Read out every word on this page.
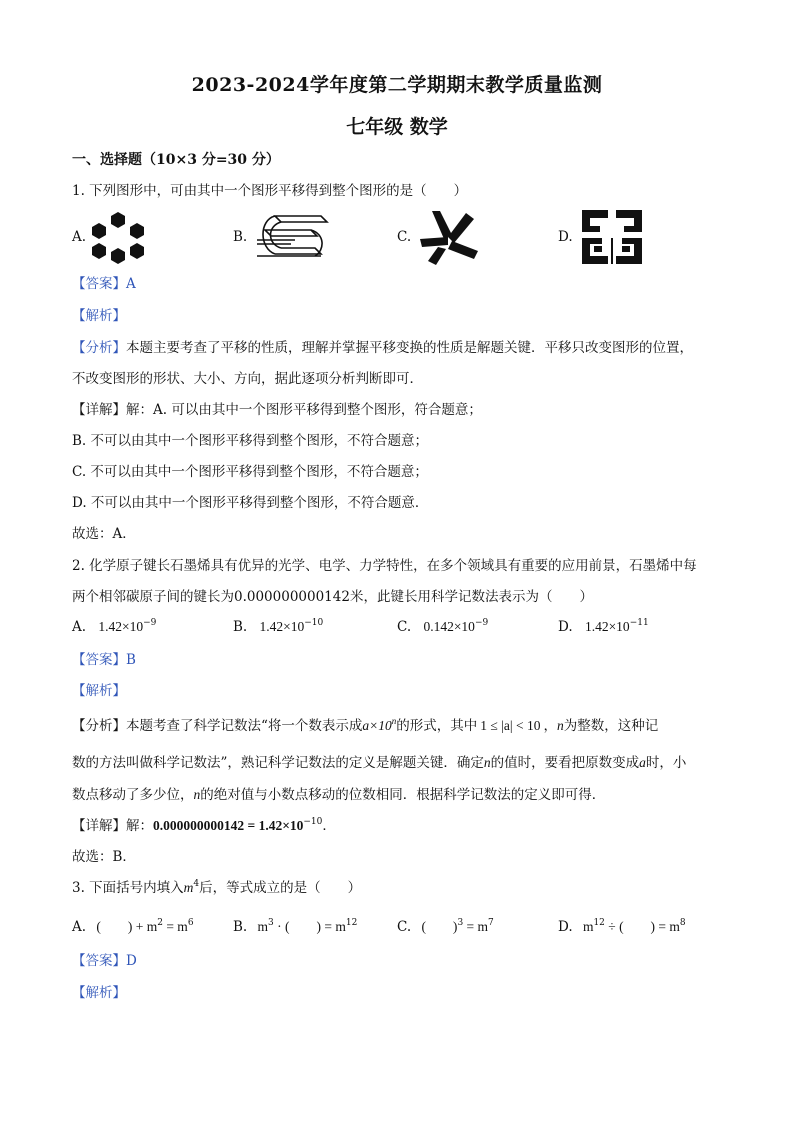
2023-2024学年度第二学期期末教学质量监测
七年级 数学
一、选择题（10×3 分=30 分）
1. 下列图形中，可由其中一个图形平移得到整个图形的是（　　）
A.	B.	C.	D.
【答案】A
【解析】
【分析】本题主要考查了平移的性质，理解并掌握平移变换的性质是解题关键．平移只改变图形的位置，
不改变图形的形状、大小、方向，据此逐项分析判断即可．
【详解】解：A. 可以由其中一个图形平移得到整个图形，符合题意；
B. 不可以由其中一个图形平移得到整个图形，不符合题意；
C. 不可以由其中一个图形平移得到整个图形，不符合题意；
D. 不可以由其中一个图形平移得到整个图形，不符合题意．
故选：A．
2. 化学原子键长石墨烯具有优异的光学、电学、力学特性，在多个领域具有重要的应用前景，石墨烯中每
两个相邻碳原子间的键长为0.000000000142米，此键长用科学记数法表示为（　　）
A. $1.42\times 10^{-9}$	B. $1.42\times 10^{-10}$	C. $0.142\times 10^{-9}$	D. $1.42\times 10^{-11}$
【答案】B
【解析】
【分析】本题考查了科学记数法“将一个数表示成$a\times 10^n$的形式，其中 1 ≤ |a| < 10 ，n为整数，这种记
数的方法叫做科学记数法”，熟记科学记数法的定义是解题关键．确定n的值时，要看把原数变成a时，小
数点移动了多少位，n的绝对值与小数点移动的位数相同．根据科学记数法的定义即可得．
【详解】解：$0.000000000142 = 1.42\times 10^{-10}$．
故选：B．
3. 下面括号内填入$m^4$后，等式成立的是（　　）
A. (　　) + $m^2 = m^6$	B. $m^3$ · (　　) = $m^{12}$	C. (　　)$^3 = m^7$	D. $m^{12}$ ÷ (　　) = $m^8$
【答案】D
【解析】
